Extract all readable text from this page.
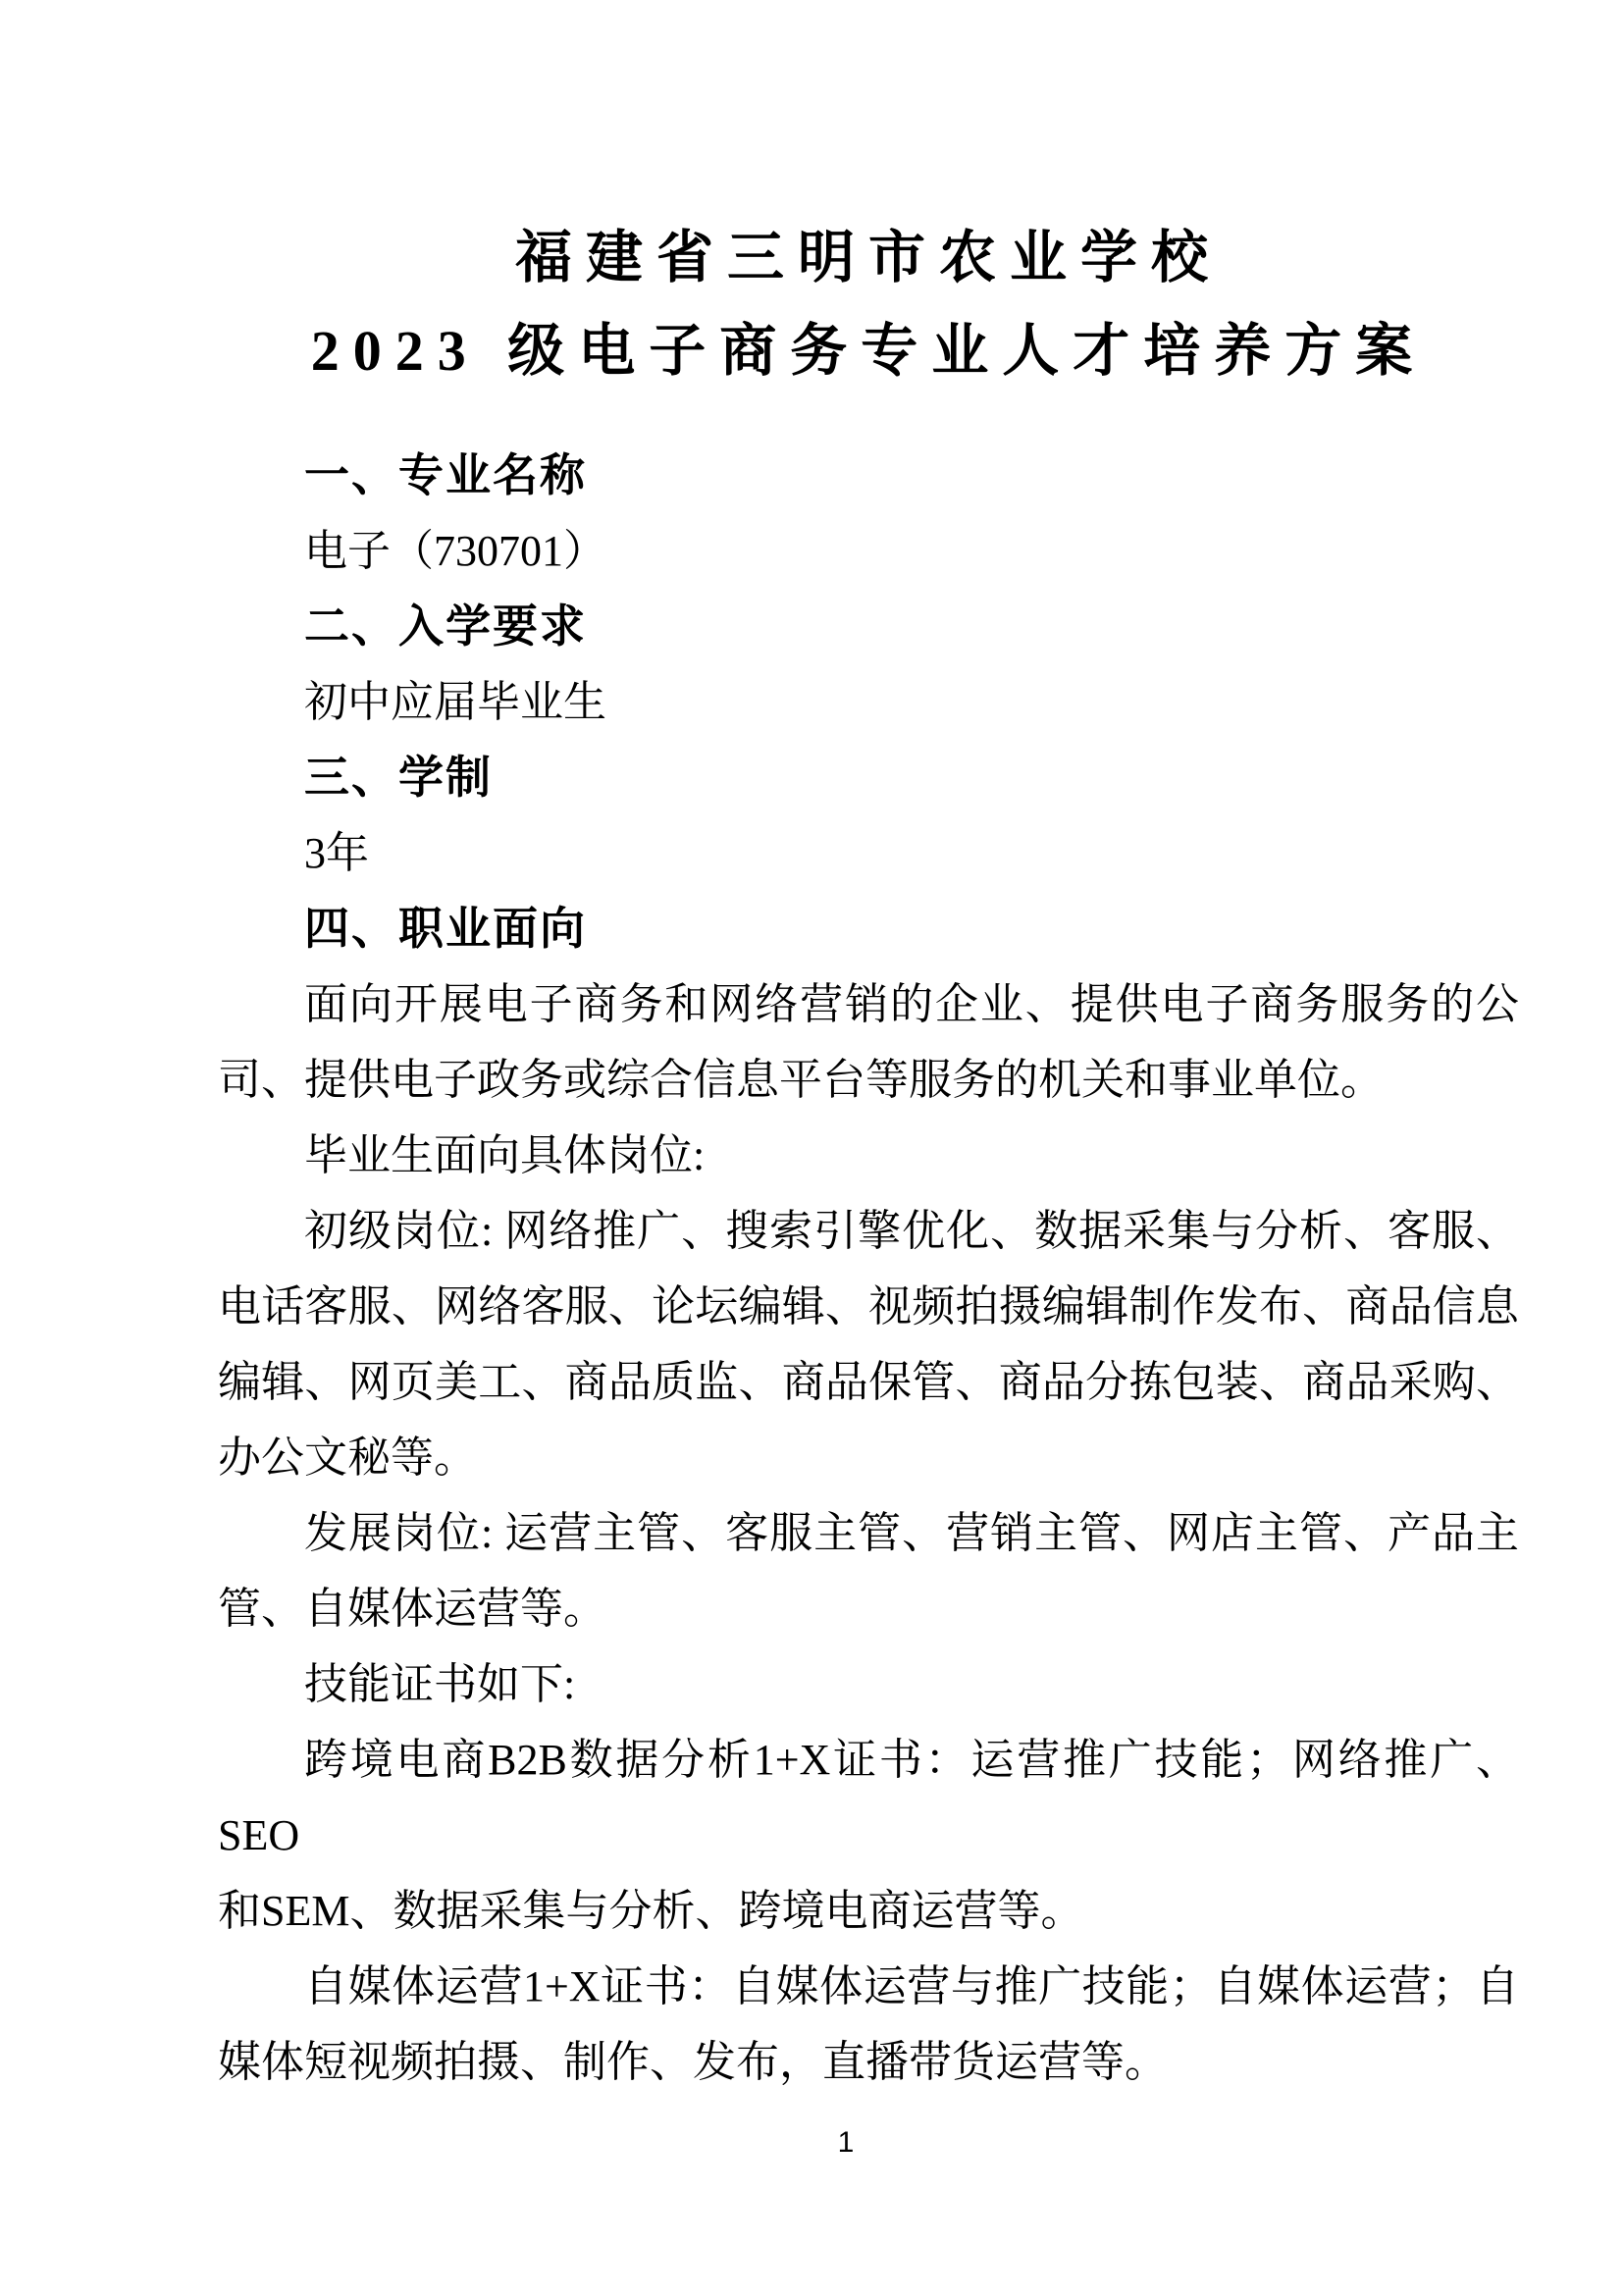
福建省三明市农业学校
2023 级电子商务专业人才培养方案
一、专业名称
电子（730701）
二、入学要求
初中应届毕业生
三、学制
3年
四、职业面向
面向开展电子商务和网络营销的企业、提供电子商务服务的公
司、提供电子政务或综合信息平台等服务的机关和事业单位。
毕业生面向具体岗位:
初级岗位: 网络推广、搜索引擎优化、数据采集与分析、客服、
电话客服、网络客服、论坛编辑、视频拍摄编辑制作发布、商品信息
编辑、网页美工、商品质监、商品保管、商品分拣包装、商品采购、
办公文秘等。
发展岗位: 运营主管、客服主管、营销主管、网店主管、产品主
管、自媒体运营等。
技能证书如下:
跨境电商B2B数据分析1+X证书：运营推广技能；网络推广、SEO
和SEM、数据采集与分析、跨境电商运营等。
自媒体运营1+X证书：自媒体运营与推广技能；自媒体运营；自
媒体短视频拍摄、制作、发布，直播带货运营等。
1
